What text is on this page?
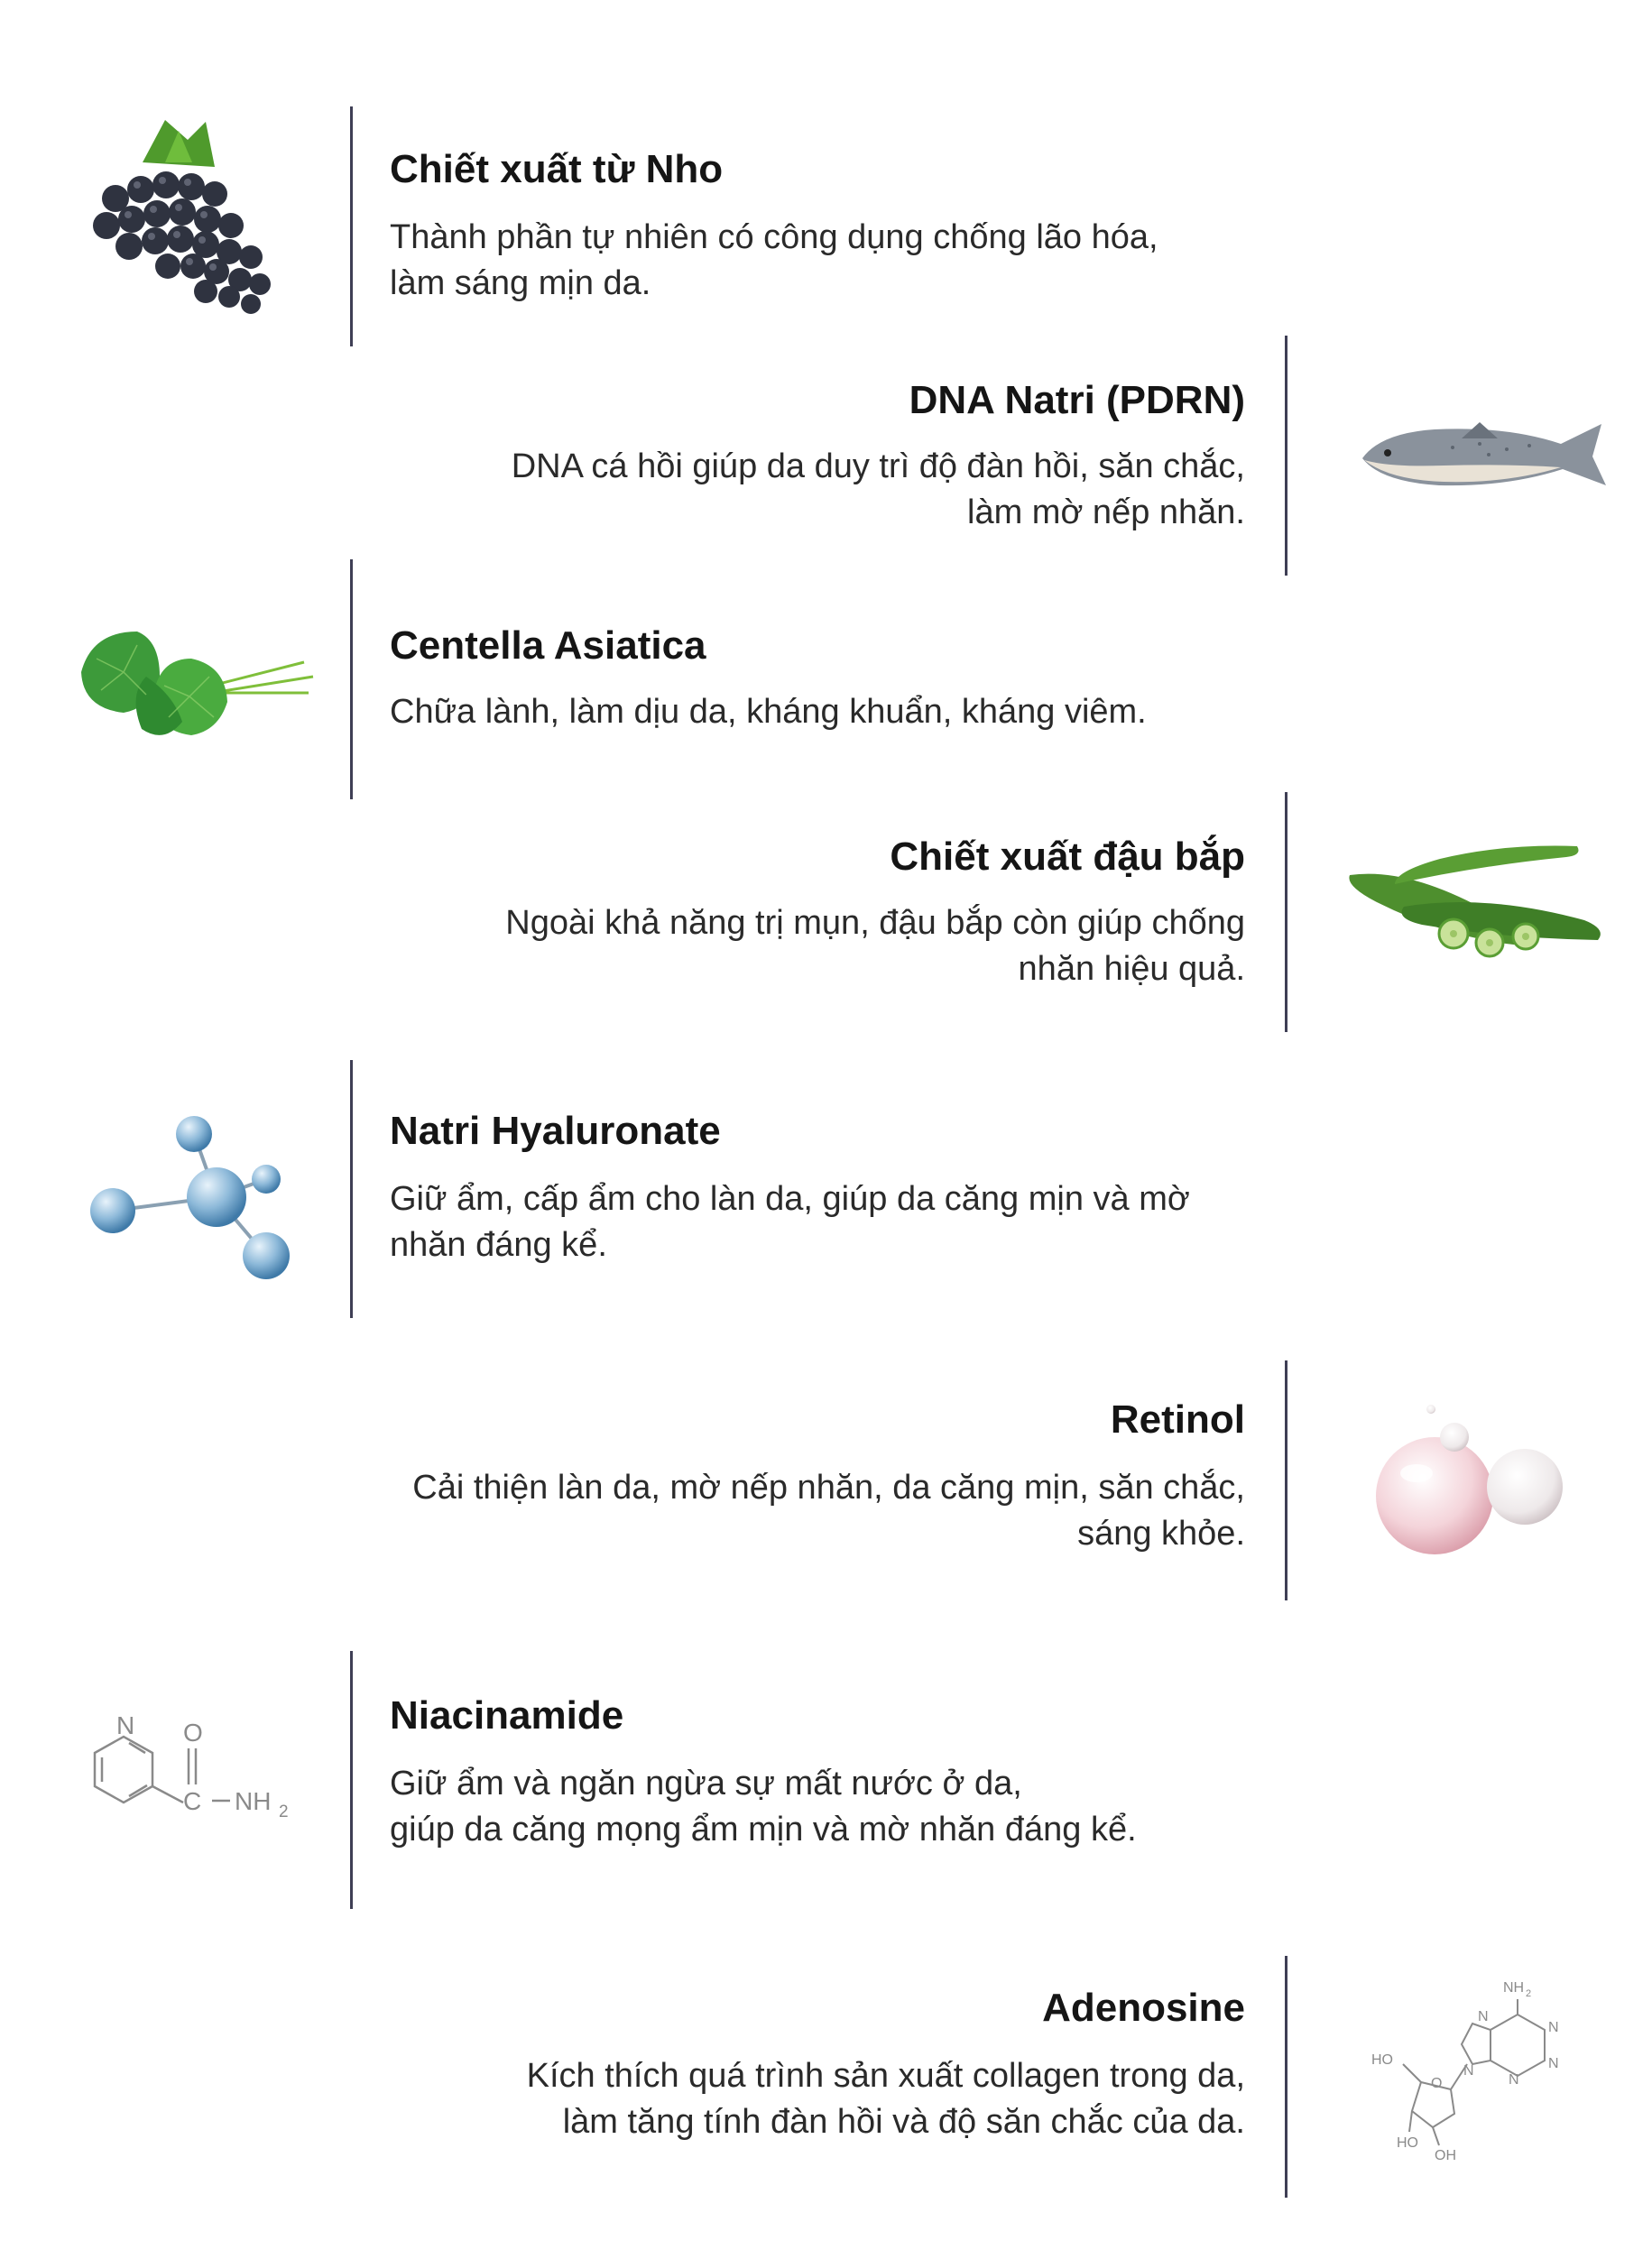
Chiết xuất từ Nho
Thành phần tự nhiên có công dụng chống lão hóa,
làm sáng mịn da.
DNA Natri (PDRN)
DNA cá hồi giúp da duy trì độ đàn hồi, săn chắc,
làm mờ nếp nhăn.
Centella Asiatica
Chữa lành, làm dịu da, kháng khuẩn, kháng viêm.
Chiết xuất đậu bắp
Ngoài khả năng trị mụn, đậu bắp còn giúp chống
nhăn hiệu quả.
Natri Hyaluronate
Giữ ẩm, cấp ẩm cho làn da, giúp da căng mịn và mờ
nhăn đáng kể.
Retinol
Cải thiện làn da, mờ nếp nhăn, da căng mịn, săn chắc,
sáng khỏe.
N O
C NH 2
Niacinamide
Giữ ẩm và ngăn ngừa sự mất nước ở da,
giúp da căng mọng ẩm mịn và mờ nhăn đáng kể.
Adenosine
Kích thích quá trình sản xuất collagen trong da,
làm tăng tính đàn hồi và độ săn chắc của da.
NH 2
N
N
N
N
N
O
HO
HO
OH
